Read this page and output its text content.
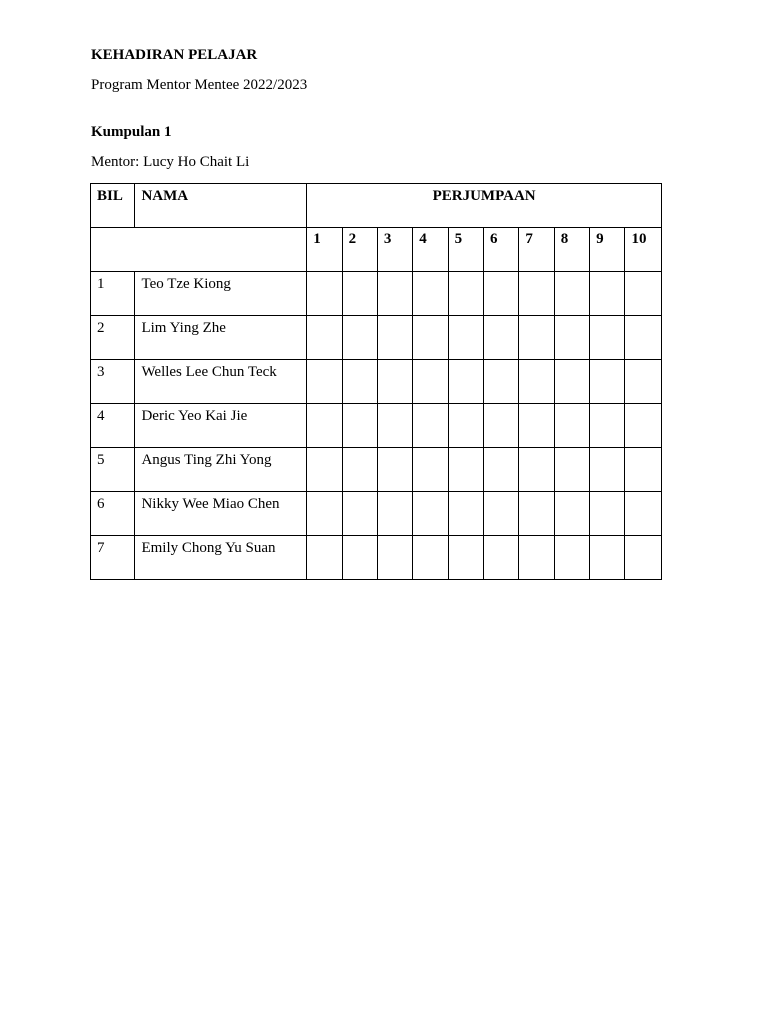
KEHADIRAN PELAJAR
Program Mentor Mentee 2022/2023
Kumpulan 1
Mentor: Lucy Ho Chait Li
BIL	NAMA	PERJUMPAAN									

		1	2	3	4	5	6	7	8	9	10

1	Teo Tze Kiong										

2	Lim Ying Zhe										

3	Welles Lee Chun Teck										

4	Deric Yeo Kai Jie										

5	Angus Ting Zhi Yong										

6	Nikky Wee Miao Chen										

7	Emily Chong Yu Suan										
